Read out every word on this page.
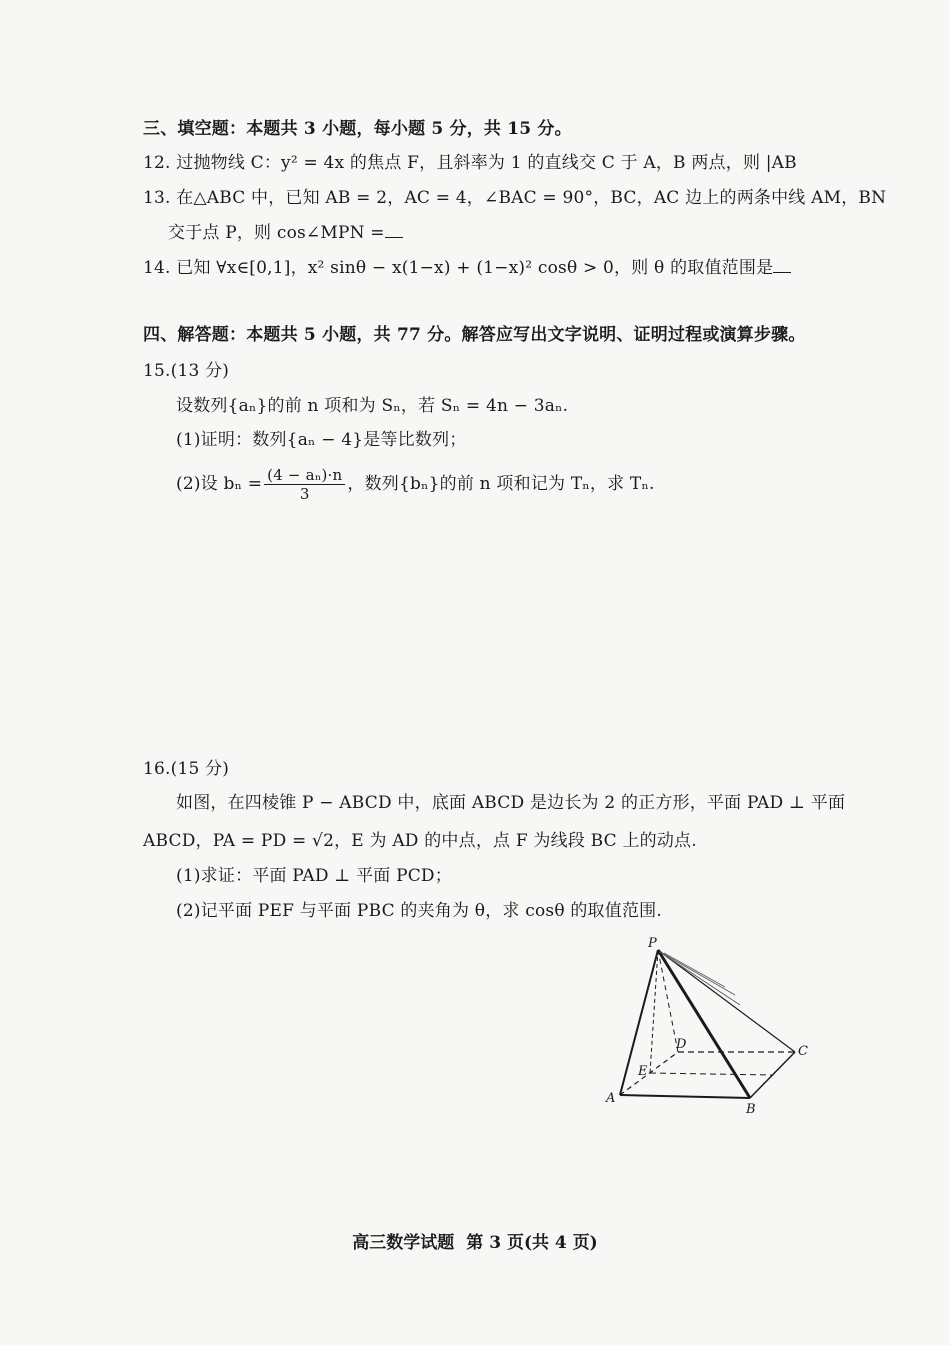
三、填空题：本题共 3 小题，每小题 5 分，共 15 分。
12. 过抛物线 C：y² = 4x 的焦点 F，且斜率为 1 的直线交 C 于 A，B 两点，则 |AB
13. 在△ABC 中，已知 AB = 2，AC = 4，∠BAC = 90°，BC，AC 边上的两条中线 AM，BN
交于点 P，则 cos∠MPN =
14. 已知 ∀x∈[0,1]，x² sinθ − x(1−x) + (1−x)² cosθ > 0，则 θ 的取值范围是
四、解答题：本题共 5 小题，共 77 分。解答应写出文字说明、证明过程或演算步骤。
15.(13 分)
设数列{aₙ}的前 n 项和为 Sₙ，若 Sₙ = 4n − 3aₙ.
(1)证明：数列{aₙ − 4}是等比数列；
(2)设 $b_n = \frac{\text{(4 − aₙ)·n}}{3}$ ，数列{bₙ}的前 n 项和记为 Tₙ，求 Tₙ.
16.(15 分)
如图，在四棱锥 P − ABCD 中，底面 ABCD 是边长为 2 的正方形，平面 PAD ⊥ 平面
ABCD，PA = PD = √2，E 为 AD 的中点，点 F 为线段 BC 上的动点.
(1)求证：平面 PAD ⊥ 平面 PCD；
(2)记平面 PEF 与平面 PBC 的夹角为 θ，求 cosθ 的取值范围.
P
A
B
C
D
E
高三数学试题 第 3 页(共 4 页)
